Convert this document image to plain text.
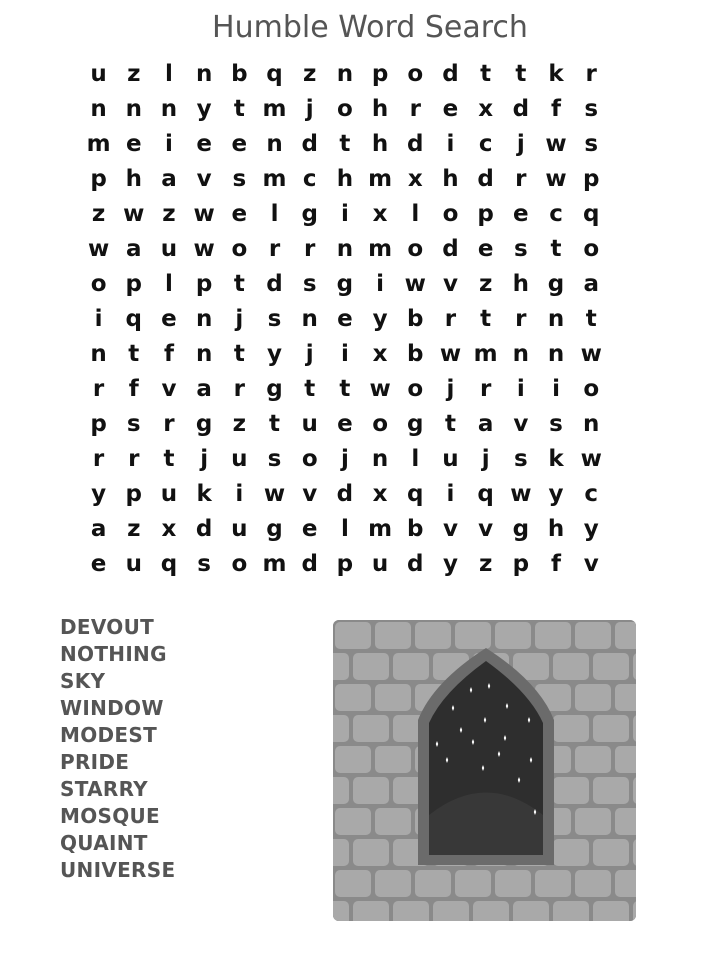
Humble Word Search
u z	l	n b q z n p o d t	t k r
n n n y t m j	o h r e x d f	s
m e	i	e e n d t h d	i	c	j w s
p h a v s m c h m x h d r w p
z w z w e	l	g	i	x	l	o p e c q
w a u w o r	r n m o d e s t o
o p	l	p t d s g	i w v z h g a
i	q e n	j	s n e y b r	t	r n t
n t	f n t y	j	i	x b w m n n w
r	f v a r g t	t w o	j	r	i	i	o
p s r g z	t u e o g t a v s n
r	r	t	j	u s o	j	n	l	u	j	s k w
y p u k	i w v d x q	i	q w y c
a z x d u g e	l m b v v g h y
e u q s o m d p u d y z p f v
DEVOUT
NOTHING
SKY
WINDOW
MODEST
PRIDE
STARRY
MOSQUE
QUAINT
UNIVERSE
